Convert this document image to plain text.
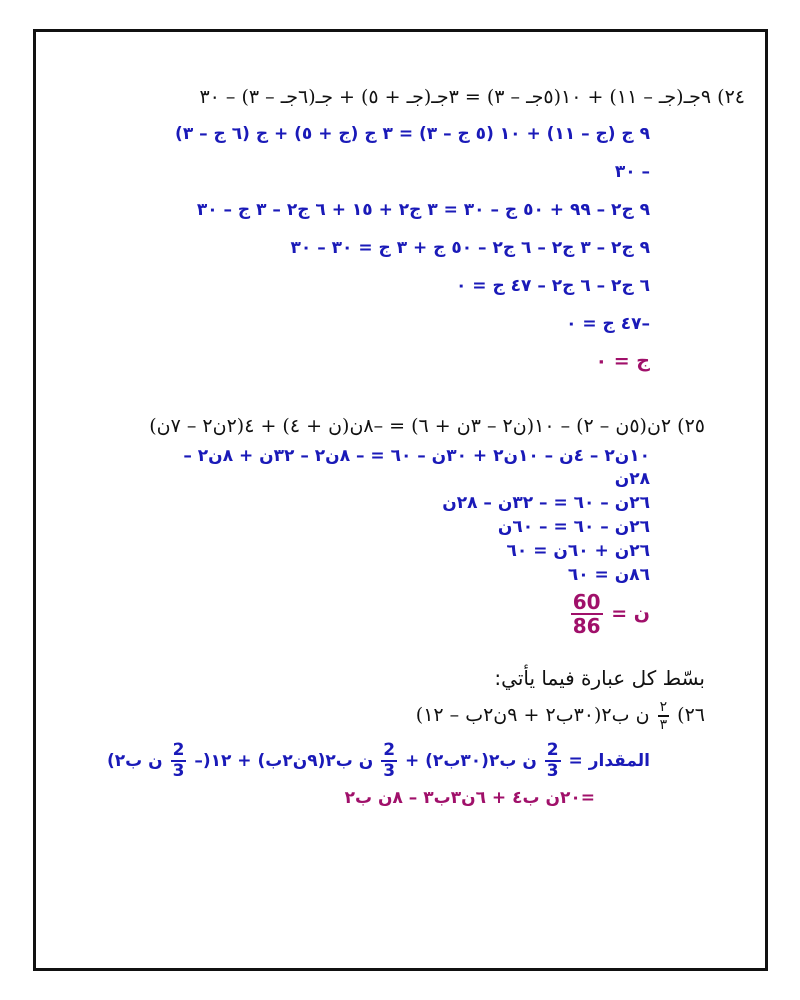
٢٤) ٩جـ(جـ – ١١) + ١٠(٥جـ – ٣) = ٣جـ(جـ + ٥) + جـ(٦جـ – ٣) – ٣٠
٩ ج (ج – ١١) + ١٠ (٥ ج – ٣) = ٣ ج (ج + ٥) + ج (٦ ج – ٣)
– ٣٠
٩ ج٢ – ٩٩ + ٥٠ ج – ٣٠ = ٣ ج٢ + ١٥ + ٦ ج٢ – ٣ ج – ٣٠
٩ ج٢ – ٣ ج٢ – ٦ ج٢ – ٥٠ ج + ٣ ج = ٣٠ – ٣٠
٦ ج٢ – ٦ ج٢ – ٤٧ ج = ٠
–٤٧ ج = ٠
ج = ٠
٢٥) ٢ن(٥ن – ٢) – ١٠(ن٢ – ٣ن + ٦) = –٨ن(ن + ٤) + ٤(٢ن٢ – ٧ن)
١٠ن٢ – ٤ن – ١٠ن٢ + ٣٠ن – ٦٠ = – ٨ن٢ – ٣٢ن + ٨ن٢ –
٢٨ن
٢٦ن – ٦٠ = – ٣٢ن – ٢٨ن
٢٦ن – ٦٠ = – ٦٠ن
٢٦ن + ٦٠ن = ٦٠
٨٦ن = ٦٠
ن =
$\frac{60}{86}$
بسّط كل عبارة فيما يأتي:
٢٦)
$\frac{٢}{٣}$
ن ب٢(٣٠ب٢ + ٩ن٢ب – ١٢)
المقدار =
$\frac{2}{3}$
ن ب٢(٣٠ب٢) +
$\frac{2}{3}$
ن ب٢(٩ن٢ب) + ١٢(–
$\frac{2}{3}$
ن ب٢)
=٢٠ن ب٤ + ٦ن٣ب٣ – ٨ن ب٢
